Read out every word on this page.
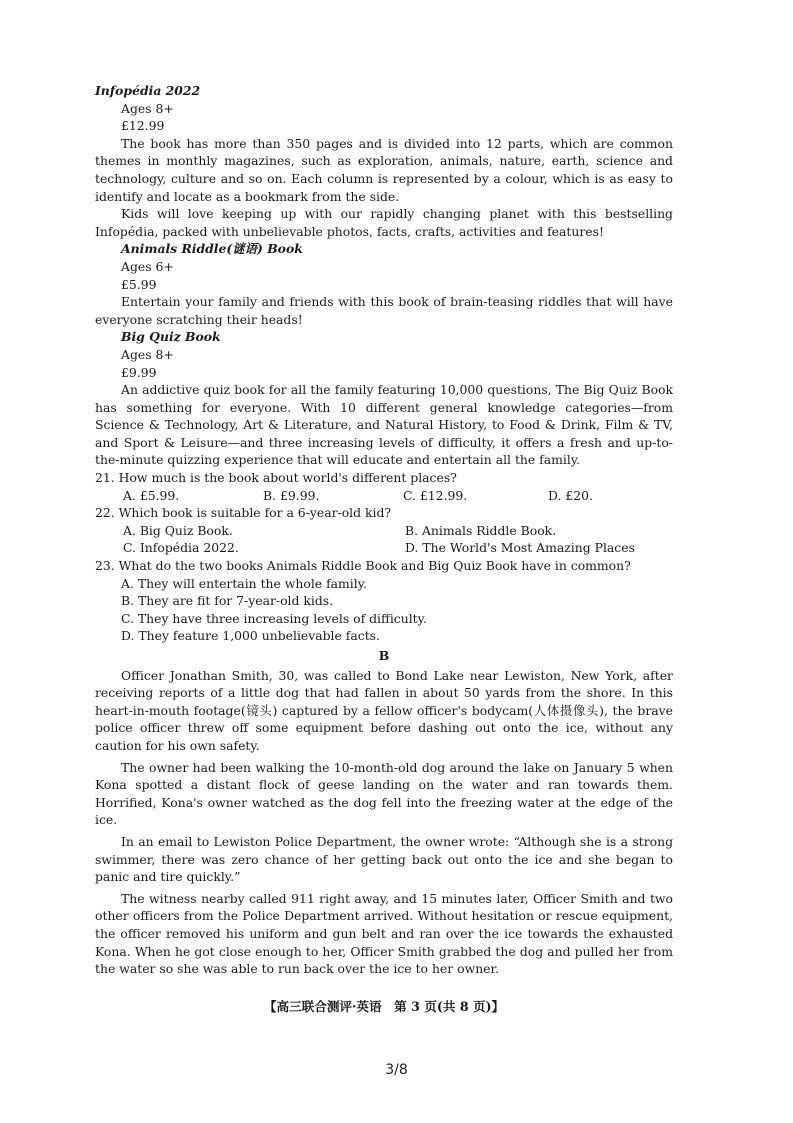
Infopédia 2022
Ages 8+
£12.99
The book has more than 350 pages and is divided into 12 parts, which are common themes in monthly magazines, such as exploration, animals, nature, earth, science and technology, culture and so on. Each column is represented by a colour, which is as easy to identify and locate as a bookmark from the side.
Kids will love keeping up with our rapidly changing planet with this bestselling Infopédia, packed with unbelievable photos, facts, crafts, activities and features!
Animals Riddle(谜语) Book
Ages 6+
£5.99
Entertain your family and friends with this book of brain-teasing riddles that will have everyone scratching their heads!
Big Quiz Book
Ages 8+
£9.99
An addictive quiz book for all the family featuring 10,000 questions, The Big Quiz Book has something for everyone. With 10 different general knowledge categories—from Science & Technology, Art & Literature, and Natural History, to Food & Drink, Film & TV, and Sport & Leisure—and three increasing levels of difficulty, it offers a fresh and up-to-the-minute quizzing experience that will educate and entertain all the family.
21. How much is the book about world's different places?
A. £5.99.	B. £9.99.	C. £12.99.	D. £20.
22. Which book is suitable for a 6-year-old kid?
A. Big Quiz Book.	B. Animals Riddle Book.
C. Infopédia 2022.	D. The World's Most Amazing Places
23. What do the two books Animals Riddle Book and Big Quiz Book have in common?
A. They will entertain the whole family.
B. They are fit for 7-year-old kids.
C. They have three increasing levels of difficulty.
D. They feature 1,000 unbelievable facts.
B
Officer Jonathan Smith, 30, was called to Bond Lake near Lewiston, New York, after receiving reports of a little dog that had fallen in about 50 yards from the shore. In this heart-in-mouth footage(镜头) captured by a fellow officer's bodycam(人体摄像头), the brave police officer threw off some equipment before dashing out onto the ice, without any caution for his own safety.
The owner had been walking the 10-month-old dog around the lake on January 5 when Kona spotted a distant flock of geese landing on the water and ran towards them. Horrified, Kona's owner watched as the dog fell into the freezing water at the edge of the ice.
In an email to Lewiston Police Department, the owner wrote: “Although she is a strong swimmer, there was zero chance of her getting back out onto the ice and she began to panic and tire quickly.”
The witness nearby called 911 right away, and 15 minutes later, Officer Smith and two other officers from the Police Department arrived. Without hesitation or rescue equipment, the officer removed his uniform and gun belt and ran over the ice towards the exhausted Kona. When he got close enough to her, Officer Smith grabbed the dog and pulled her from the water so she was able to run back over the ice to her owner.
【高三联合测评·英语　第 3 页(共 8 页)】
3/8
